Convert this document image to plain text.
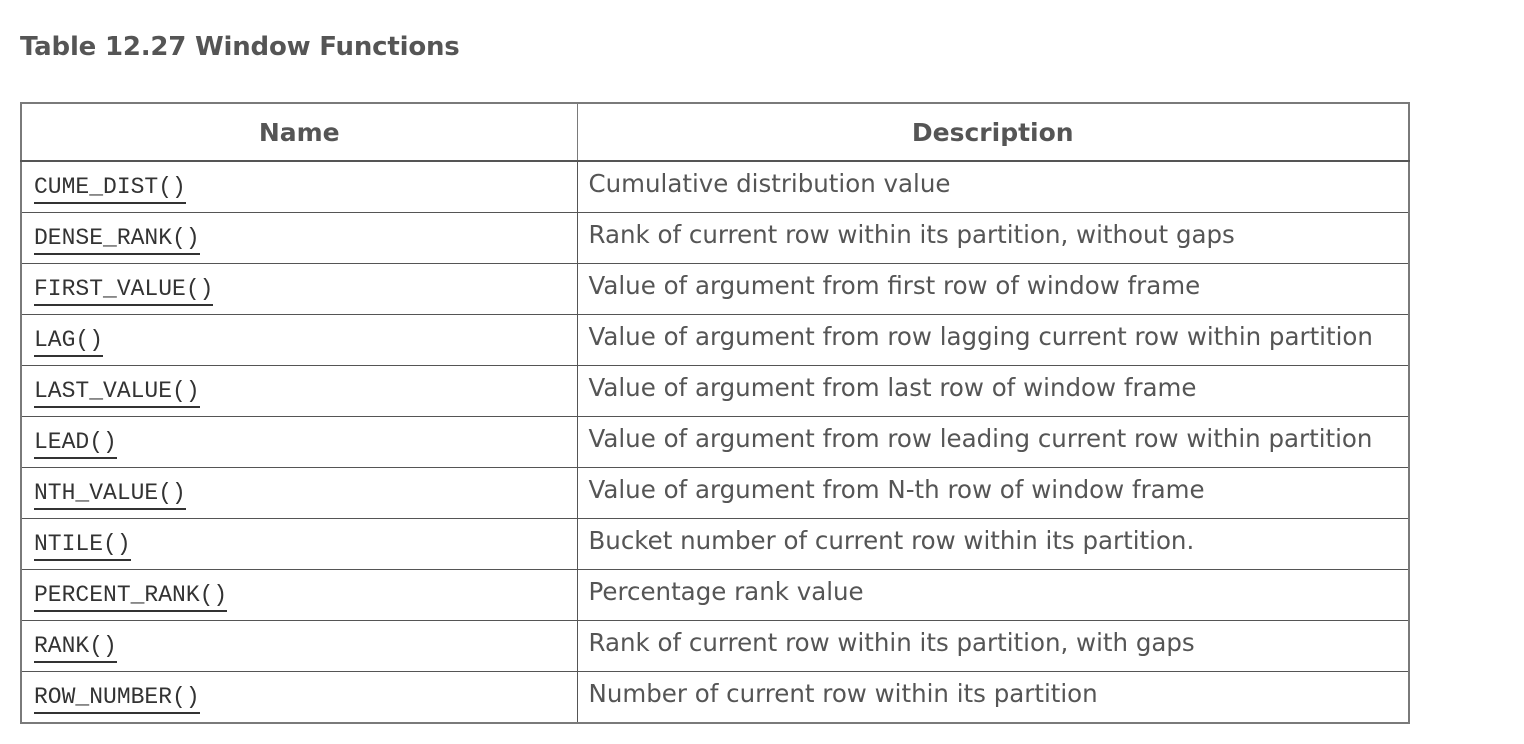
Table 12.27 Window Functions
Name	Description
CUME_DIST()	Cumulative distribution value

DENSE_RANK()	Rank of current row within its partition, without gaps

FIRST_VALUE()	Value of argument from first row of window frame

LAG()	Value of argument from row lagging current row within partition

LAST_VALUE()	Value of argument from last row of window frame

LEAD()	Value of argument from row leading current row within partition

NTH_VALUE()	Value of argument from N-th row of window frame

NTILE()	Bucket number of current row within its partition.

PERCENT_RANK()	Percentage rank value

RANK()	Rank of current row within its partition, with gaps

ROW_NUMBER()	Number of current row within its partition
